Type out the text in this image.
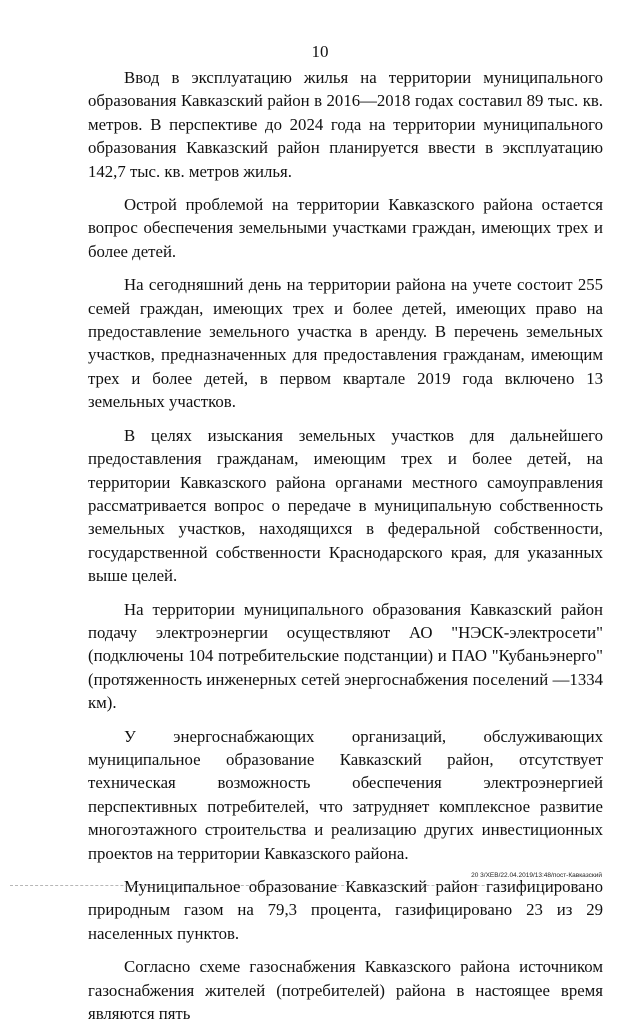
10

Ввод в эксплуатацию жилья на территории муниципального образования Кавказский район в 2016—2018 годах составил 89 тыс. кв. метров. В перспективе до 2024 года на территории муниципального образования Кавказский район планируется ввести в эксплуатацию 142,7 тыс. кв. метров жилья.

Острой проблемой на территории Кавказского района остается вопрос обеспечения земельными участками граждан, имеющих трех и более детей.

На сегодняшний день на территории района на учете состоит 255 семей граждан, имеющих трех и более детей, имеющих право на предоставление земельного участка в аренду. В перечень земельных участков, предназначенных для предоставления гражданам, имеющим трех и более детей, в первом квартале 2019 года включено 13 земельных участков.

В целях изыскания земельных участков для дальнейшего предоставления гражданам, имеющим трех и более детей, на территории Кавказского района органами местного самоуправления рассматривается вопрос о передаче в муниципальную собственность земельных участков, находящихся в федеральной собственности, государственной собственности Краснодарского края, для указанных выше целей.

На территории муниципального образования Кавказский район подачу электроэнергии осуществляют АО "НЭСК-электросети" (подключены 104 потребительские подстанции) и ПАО "Кубаньэнерго" (протяженность инженерных сетей энергоснабжения поселений —1334 км).

У энергоснабжающих организаций, обслуживающих муниципальное образование Кавказский район, отсутствует техническая возможность обеспечения электроэнергией перспективных потребителей, что затрудняет комплексное развитие многоэтажного строительства и реализацию других инвестиционных проектов на территории Кавказского района.

Муниципальное образование Кавказский район газифицировано природным газом на 79,3 процента, газифицировано 23 из 29 населенных пунктов.

Согласно схеме газоснабжения Кавказского района источником газоснабжения жителей (потребителей) района в настоящее время являются пять

20 3/XEB/22.04.2019/13:48/пост-Кавказский
